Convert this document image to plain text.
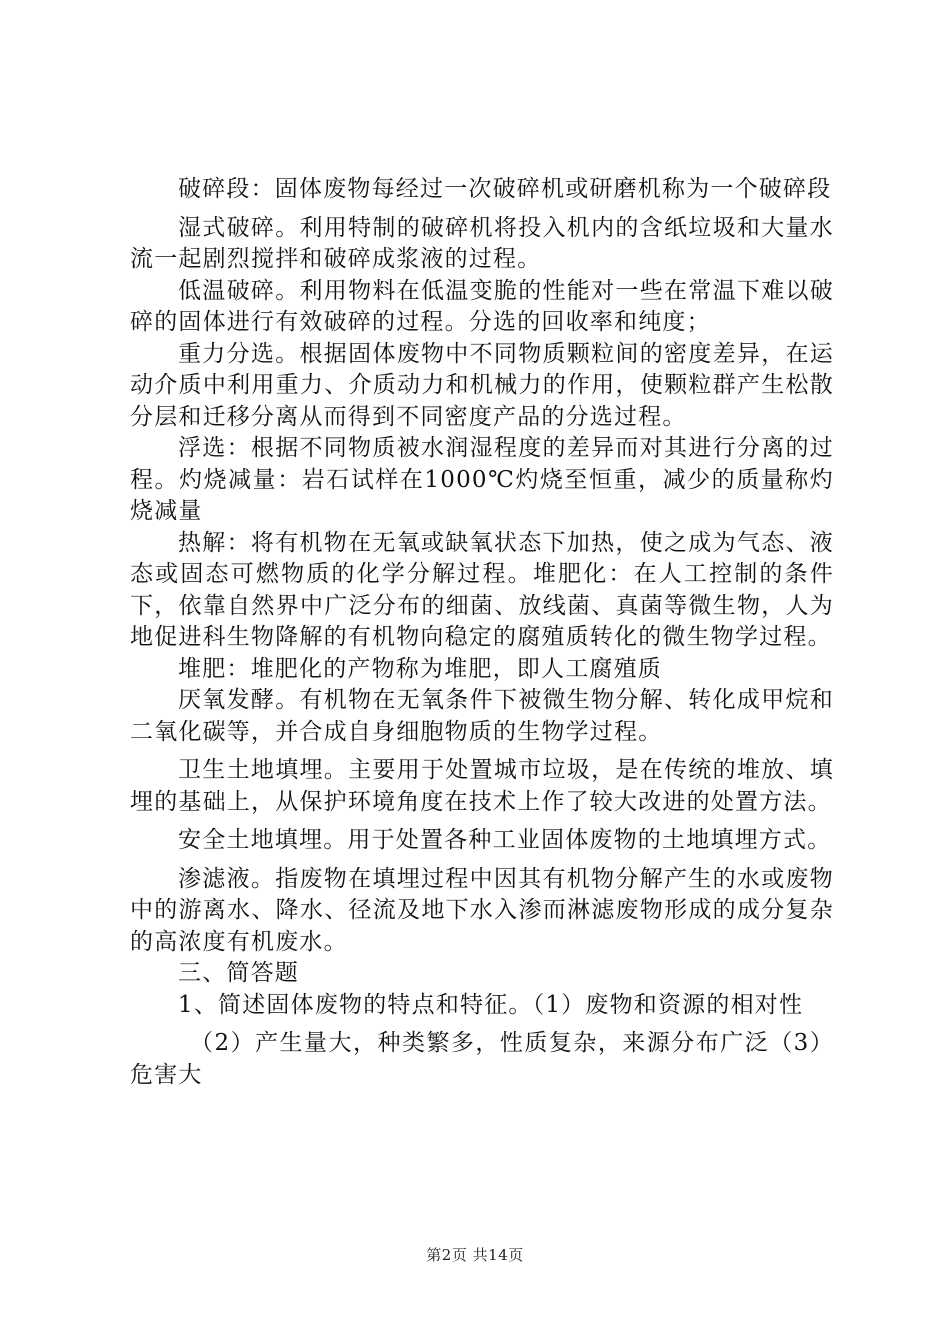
破碎段：固体废物每经过一次破碎机或研磨机称为一个破碎段

湿式破碎。利用特制的破碎机将投入机内的含纸垃圾和大量水流一起剧烈搅拌和破碎成浆液的过程。

低温破碎。利用物料在低温变脆的性能对一些在常温下难以破碎的固体进行有效破碎的过程。分选的回收率和纯度；

重力分选。根据固体废物中不同物质颗粒间的密度差异，在运动介质中利用重力、介质动力和机械力的作用，使颗粒群产生松散分层和迁移分离从而得到不同密度产品的分选过程。

浮选：根据不同物质被水润湿程度的差异而对其进行分离的过程。灼烧减量：岩石试样在1000℃灼烧至恒重，减少的质量称灼烧减量

热解：将有机物在无氧或缺氧状态下加热，使之成为气态、液态或固态可燃物质的化学分解过程。堆肥化：在人工控制的条件下，依靠自然界中广泛分布的细菌、放线菌、真菌等微生物，人为地促进科生物降解的有机物向稳定的腐殖质转化的微生物学过程。

堆肥：堆肥化的产物称为堆肥，即人工腐殖质

厌氧发酵。有机物在无氧条件下被微生物分解、转化成甲烷和二氧化碳等，并合成自身细胞物质的生物学过程。

卫生土地填埋。主要用于处置城市垃圾，是在传统的堆放、填埋的基础上，从保护环境角度在技术上作了较大改进的处置方法。

安全土地填埋。用于处置各种工业固体废物的土地填埋方式。

渗滤液。指废物在填埋过程中因其有机物分解产生的水或废物中的游离水、降水、径流及地下水入渗而淋滤废物形成的成分复杂的高浓度有机废水。

三、简答题

1、简述固体废物的特点和特征。（1）废物和资源的相对性

（2）产生量大，种类繁多，性质复杂，来源分布广泛（3）危害大

第2页 共14页
